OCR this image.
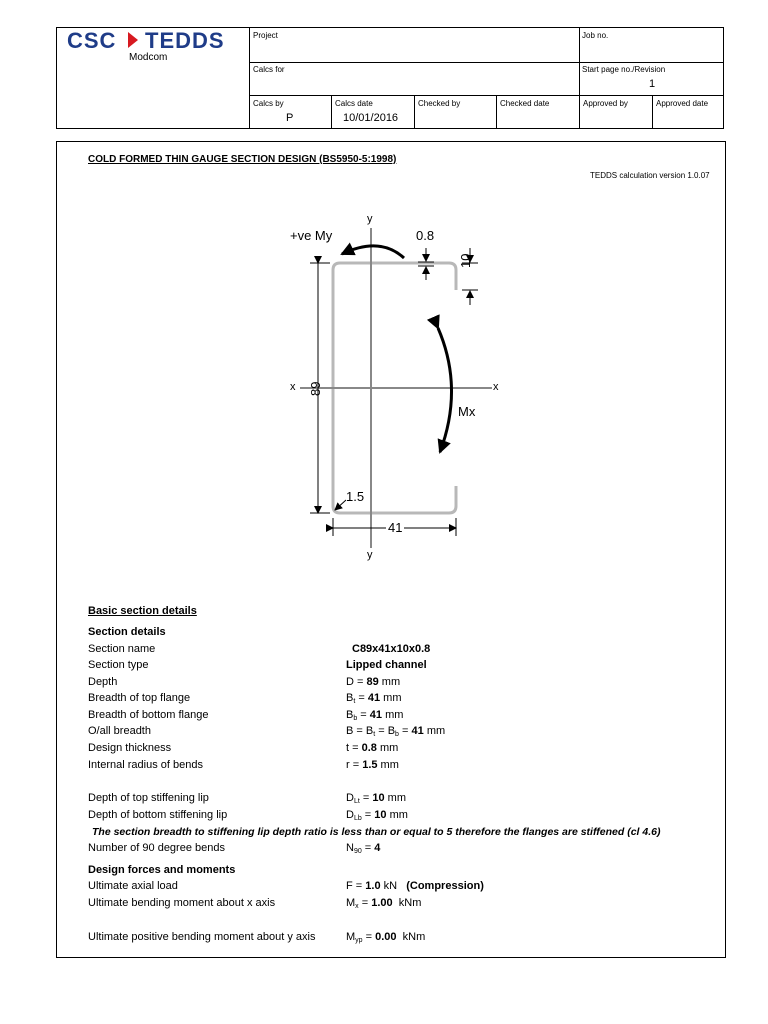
CSC TEDDS
Modcom
Project	Job no.
Calcs for	Start page no./Revision
1
Calcs by
P
Calcs date
10/01/2016
Checked by	Checked date	Approved by	Approved date
COLD FORMED THIN GAUGE SECTION DESIGN (BS5950-5:1998)
TEDDS calculation version 1.0.07
y
y
x	x
+ve My
Mx
0.8
10
89
1.5
41
Basic section details
Section details
Section name	C89x41x10x0.8
Section type	Lipped channel
Depth	D = 89 mm
Breadth of top flange	$B_t = 41$ mm
Breadth of bottom flange	$B_b = 41$ mm
O/all breadth	$B = B_t = B_b = 41$ mm
Design thickness	t = 0.8 mm
Internal radius of bends	r = 1.5 mm
Depth of top stiffening lip	$D_{Lt} = 10$ mm
Depth of bottom stiffening lip	$D_{Lb} = 10$ mm
The section breadth to stiffening lip depth ratio is less than or equal to 5 therefore the flanges are stiffened (cl 4.6)
Number of 90 degree bends	$N_{90} = 4$
Design forces and moments
Ultimate axial load	F = 1.0 kN (Compression)
Ultimate bending moment about x axis	$M_x = 1.00$ kNm
Ultimate positive bending moment about y axis	$M_{yp} = 0.00$ kNm
